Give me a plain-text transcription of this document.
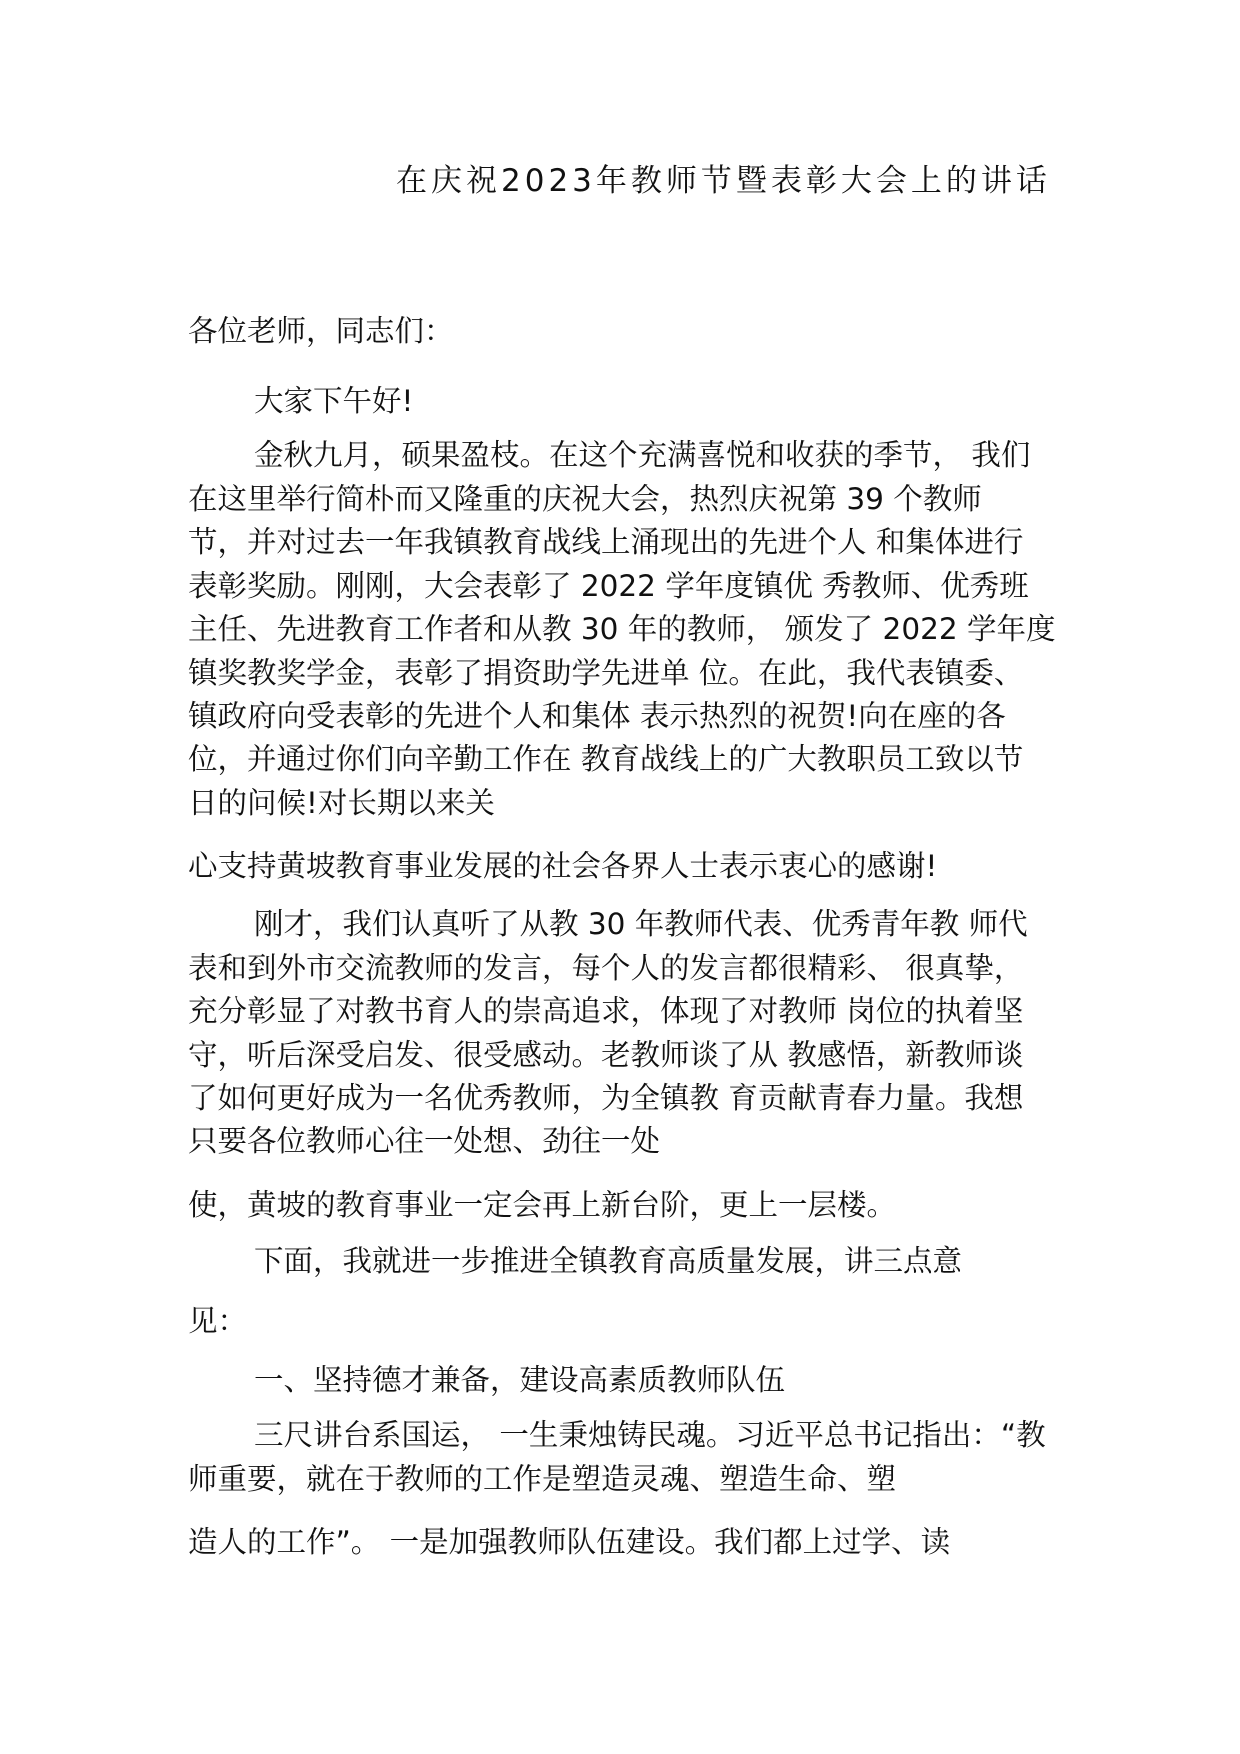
在庆祝2023年教师节暨表彰大会上的讲话
各位老师，同志们：
大家下午好!
金秋九月，硕果盈枝。在这个充满喜悦和收获的季节， 我们
在这里举行简朴而又隆重的庆祝大会，热烈庆祝第 39 个教师
节，并对过去一年我镇教育战线上涌现出的先进个人 和集体进行
表彰奖励。刚刚，大会表彰了 2022 学年度镇优 秀教师、优秀班
主任、先进教育工作者和从教 30 年的教师， 颁发了 2022 学年度
镇奖教奖学金，表彰了捐资助学先进单 位。在此，我代表镇委、
镇政府向受表彰的先进个人和集体 表示热烈的祝贺!向在座的各
位，并通过你们向辛勤工作在 教育战线上的广大教职员工致以节
日的问候!对长期以来关
心支持黄坡教育事业发展的社会各界人士表示衷心的感谢!
刚才，我们认真听了从教 30 年教师代表、优秀青年教 师代
表和到外市交流教师的发言，每个人的发言都很精彩、 很真挚，
充分彰显了对教书育人的崇高追求，体现了对教师 岗位的执着坚
守，听后深受启发、很受感动。老教师谈了从 教感悟，新教师谈
了如何更好成为一名优秀教师，为全镇教 育贡献青春力量。我想
只要各位教师心往一处想、劲往一处
使，黄坡的教育事业一定会再上新台阶，更上一层楼。
下面，我就进一步推进全镇教育高质量发展，讲三点意
见：
一、坚持德才兼备，建设高素质教师队伍
三尺讲台系国运， 一生秉烛铸民魂。习近平总书记指出：“教
师重要，就在于教师的工作是塑造灵魂、塑造生命、塑
造人的工作”。 一是加强教师队伍建设。我们都上过学、读
